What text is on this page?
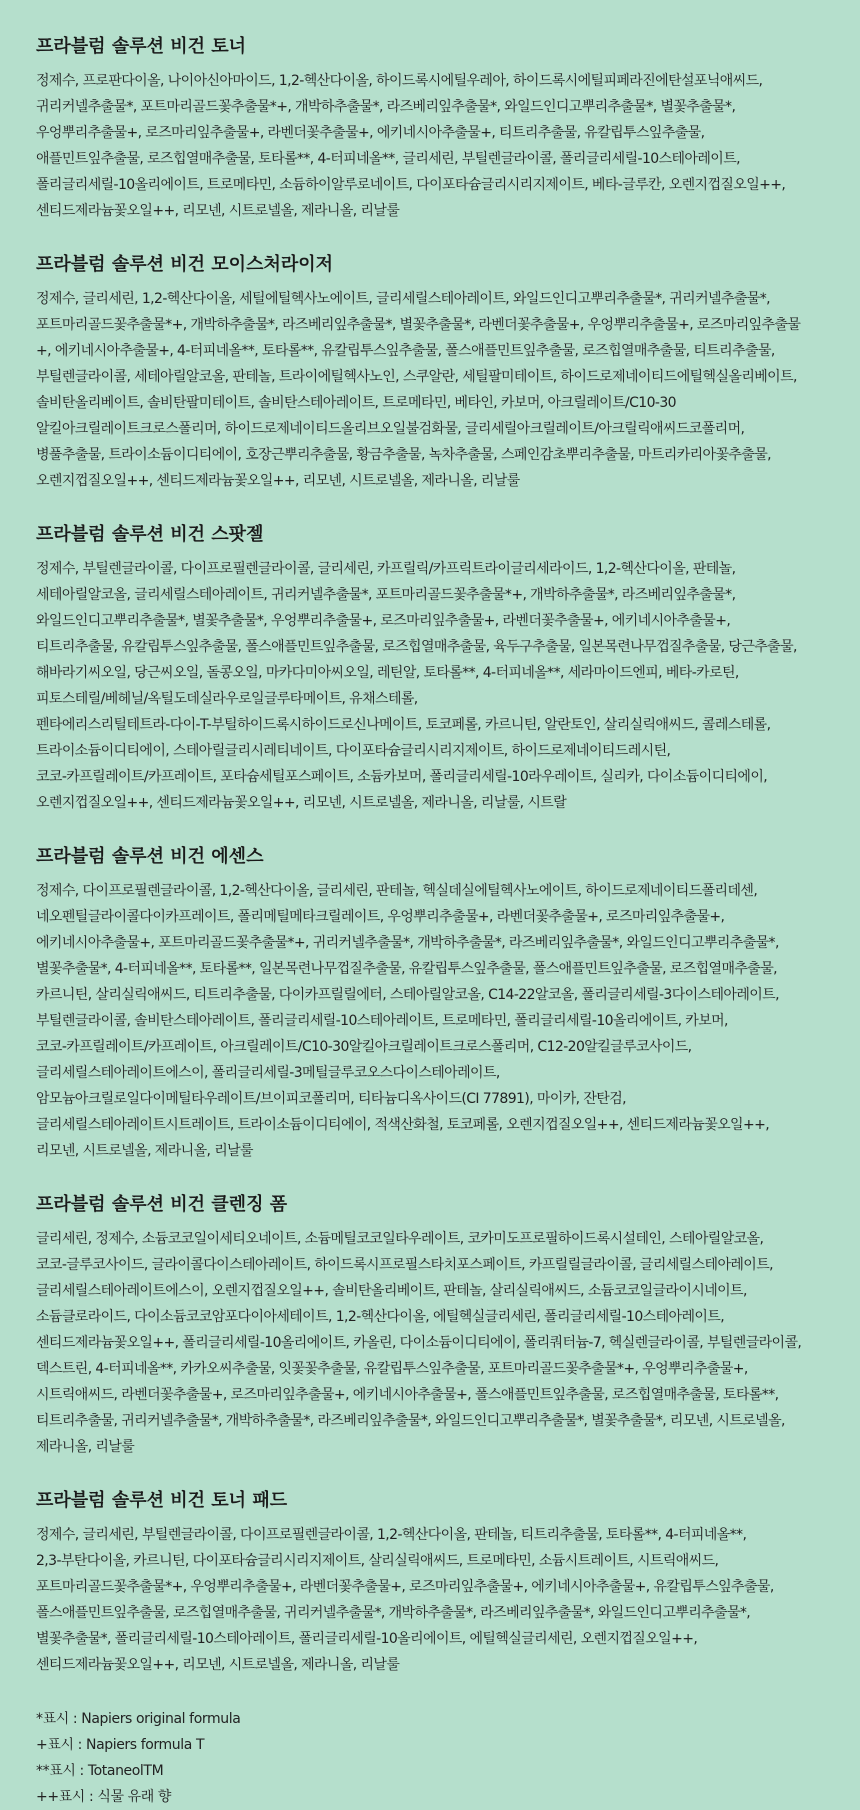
프라블럼 솔루션 비건 토너

정제수, 프로판다이올, 나이아신아마이드, 1,2-헥산다이올, 하이드록시에틸우레아, 하이드록시에틸피페라진에탄설포닉애씨드,
귀리커넬추출물*, 포트마리골드꽃추출물*+, 개박하추출물*, 라즈베리잎추출물*, 와일드인디고뿌리추출물*, 별꽃추출물*,
우엉뿌리추출물+, 로즈마리잎추출물+, 라벤더꽃추출물+, 에키네시아추출물+, 티트리추출물, 유칼립투스잎추출물,
애플민트잎추출물, 로즈힙열매추출물, 토타롤**, 4-터피네올**, 글리세린, 부틸렌글라이콜, 폴리글리세릴-10스테아레이트,
폴리글리세릴-10올리에이트, 트로메타민, 소듐하이알루로네이트, 다이포타슘글리시리지제이트, 베타-글루칸, 오렌지껍질오일++,
센티드제라늄꽃오일++, 리모넨, 시트로넬올, 제라니올, 리날룰

프라블럼 솔루션 비건 모이스처라이저

정제수, 글리세린, 1,2-헥산다이올, 세틸에틸헥사노에이트, 글리세릴스테아레이트, 와일드인디고뿌리추출물*, 귀리커넬추출물*,
포트마리골드꽃추출물*+, 개박하추출물*, 라즈베리잎추출물*, 별꽃추출물*, 라벤더꽃추출물+, 우엉뿌리추출물+, 로즈마리잎추출물
+, 에키네시아추출물+, 4-터피네올**, 토타롤**, 유칼립투스잎추출물, 폴스애플민트잎추출물, 로즈힙열매추출물, 티트리추출물,
부틸렌글라이콜, 세테아릴알코올, 판테놀, 트라이에틸헥사노인, 스쿠알란, 세틸팔미테이트, 하이드로제네이티드에틸헥실올리베이트,
솔비탄올리베이트, 솔비탄팔미테이트, 솔비탄스테아레이트, 트로메타민, 베타인, 카보머, 아크릴레이트/C10-30
알킬아크릴레이트크로스폴리머, 하이드로제네이티드올리브오일불검화물, 글리세릴아크릴레이트/아크릴릭애씨드코폴리머,
병풀추출물, 트라이소듐이디티에이, 호장근뿌리추출물, 황금추출물, 녹차추출물, 스페인감초뿌리추출물, 마트리카리아꽃추출물,
오렌지껍질오일++, 센티드제라늄꽃오일++, 리모넨, 시트로넬올, 제라니올, 리날룰

프라블럼 솔루션 비건 스팟젤

정제수, 부틸렌글라이콜, 다이프로필렌글라이콜, 글리세린, 카프릴릭/카프릭트라이글리세라이드, 1,2-헥산다이올, 판테놀,
세테아릴알코올, 글리세릴스테아레이트, 귀리커넬추출물*, 포트마리골드꽃추출물*+, 개박하추출물*, 라즈베리잎추출물*,
와일드인디고뿌리추출물*, 별꽃추출물*, 우엉뿌리추출물+, 로즈마리잎추출물+, 라벤더꽃추출물+, 에키네시아추출물+,
티트리추출물, 유칼립투스잎추출물, 폴스애플민트잎추출물, 로즈힙열매추출물, 육두구추출물, 일본목련나무껍질추출물, 당근추출물,
해바라기씨오일, 당근씨오일, 돌콩오일, 마카다미아씨오일, 레틴알, 토타롤**, 4-터피네올**, 세라마이드엔피, 베타-카로틴,
피토스테릴/베헤닐/옥틸도데실라우로일글루타메이트, 유채스테롤,
펜타에리스리틸테트라-다이-T-부틸하이드록시하이드로신나메이트, 토코페롤, 카르니틴, 알란토인, 살리실릭애씨드, 콜레스테롤,
트라이소듐이디티에이, 스테아릴글리시레티네이트, 다이포타슘글리시리지제이트, 하이드로제네이티드레시틴,
코코-카프릴레이트/카프레이트, 포타슘세틸포스페이트, 소듐카보머, 폴리글리세릴-10라우레이트, 실리카, 다이소듐이디티에이,
오렌지껍질오일++, 센티드제라늄꽃오일++, 리모넨, 시트로넬올, 제라니올, 리날룰, 시트랄

프라블럼 솔루션 비건 에센스

정제수, 다이프로필렌글라이콜, 1,2-헥산다이올, 글리세린, 판테놀, 헥실데실에틸헥사노에이트, 하이드로제네이티드폴리데센,
네오펜틸글라이콜다이카프레이트, 폴리메틸메타크릴레이트, 우엉뿌리추출물+, 라벤더꽃추출물+, 로즈마리잎추출물+,
에키네시아추출물+, 포트마리골드꽃추출물*+, 귀리커넬추출물*, 개박하추출물*, 라즈베리잎추출물*, 와일드인디고뿌리추출물*,
별꽃추출물*, 4-터피네올**, 토타롤**, 일본목련나무껍질추출물, 유칼립투스잎추출물, 폴스애플민트잎추출물, 로즈힙열매추출물,
카르니틴, 살리실릭애씨드, 티트리추출물, 다이카프릴릴에터, 스테아릴알코올, C14-22알코올, 폴리글리세릴-3다이스테아레이트,
부틸렌글라이콜, 솔비탄스테아레이트, 폴리글리세릴-10스테아레이트, 트로메타민, 폴리글리세릴-10올리에이트, 카보머,
코코-카프릴레이트/카프레이트, 아크릴레이트/C10-30알킬아크릴레이트크로스폴리머, C12-20알킬글루코사이드,
글리세릴스테아레이트에스이, 폴리글리세릴-3메틸글루코오스다이스테아레이트,
암모늄아크릴로일다이메틸타우레이트/브이피코폴리머, 티타늄디옥사이드(CI 77891), 마이카, 잔탄검,
글리세릴스테아레이트시트레이트, 트라이소듐이디티에이, 적색산화철, 토코페롤, 오렌지껍질오일++, 센티드제라늄꽃오일++,
리모넨, 시트로넬올, 제라니올, 리날룰

프라블럼 솔루션 비건 클렌징 폼

글리세린, 정제수, 소듐코코일이세티오네이트, 소듐메틸코코일타우레이트, 코카미도프로필하이드록시설테인, 스테아릴알코올,
코코-글루코사이드, 글라이콜다이스테아레이트, 하이드록시프로필스타치포스페이트, 카프릴릴글라이콜, 글리세릴스테아레이트,
글리세릴스테아레이트에스이, 오렌지껍질오일++, 솔비탄올리베이트, 판테놀, 살리실릭애씨드, 소듐코코일글라이시네이트,
소듐클로라이드, 다이소듐코코암포다이아세테이트, 1,2-헥산다이올, 에틸헥실글리세린, 폴리글리세릴-10스테아레이트,
센티드제라늄꽃오일++, 폴리글리세릴-10올리에이트, 카올린, 다이소듐이디티에이, 폴리쿼터늄-7, 헥실렌글라이콜, 부틸렌글라이콜,
덱스트린, 4-터피네올**, 카카오씨추출물, 잇꽃꽃추출물, 유칼립투스잎추출물, 포트마리골드꽃추출물*+, 우엉뿌리추출물+,
시트릭애씨드, 라벤더꽃추출물+, 로즈마리잎추출물+, 에키네시아추출물+, 폴스애플민트잎추출물, 로즈힙열매추출물, 토타롤**,
티트리추출물, 귀리커넬추출물*, 개박하추출물*, 라즈베리잎추출물*, 와일드인디고뿌리추출물*, 별꽃추출물*, 리모넨, 시트로넬올,
제라니올, 리날룰

프라블럼 솔루션 비건 토너 패드

정제수, 글리세린, 부틸렌글라이콜, 다이프로필렌글라이콜, 1,2-헥산다이올, 판테놀, 티트리추출물, 토타롤**, 4-터피네올**,
2,3-부탄다이올, 카르니틴, 다이포타슘글리시리지제이트, 살리실릭애씨드, 트로메타민, 소듐시트레이트, 시트릭애씨드,
포트마리골드꽃추출물*+, 우엉뿌리추출물+, 라벤더꽃추출물+, 로즈마리잎추출물+, 에키네시아추출물+, 유칼립투스잎추출물,
폴스애플민트잎추출물, 로즈힙열매추출물, 귀리커넬추출물*, 개박하추출물*, 라즈베리잎추출물*, 와일드인디고뿌리추출물*,
별꽃추출물*, 폴리글리세릴-10스테아레이트, 폴리글리세릴-10올리에이트, 에틸헥실글리세린, 오렌지껍질오일++,
센티드제라늄꽃오일++, 리모넨, 시트로넬올, 제라니올, 리날룰

*표시 : Napiers original formula
+표시 : Napiers formula T
**표시 : TotaneolTM
++표시 : 식물 유래 향
